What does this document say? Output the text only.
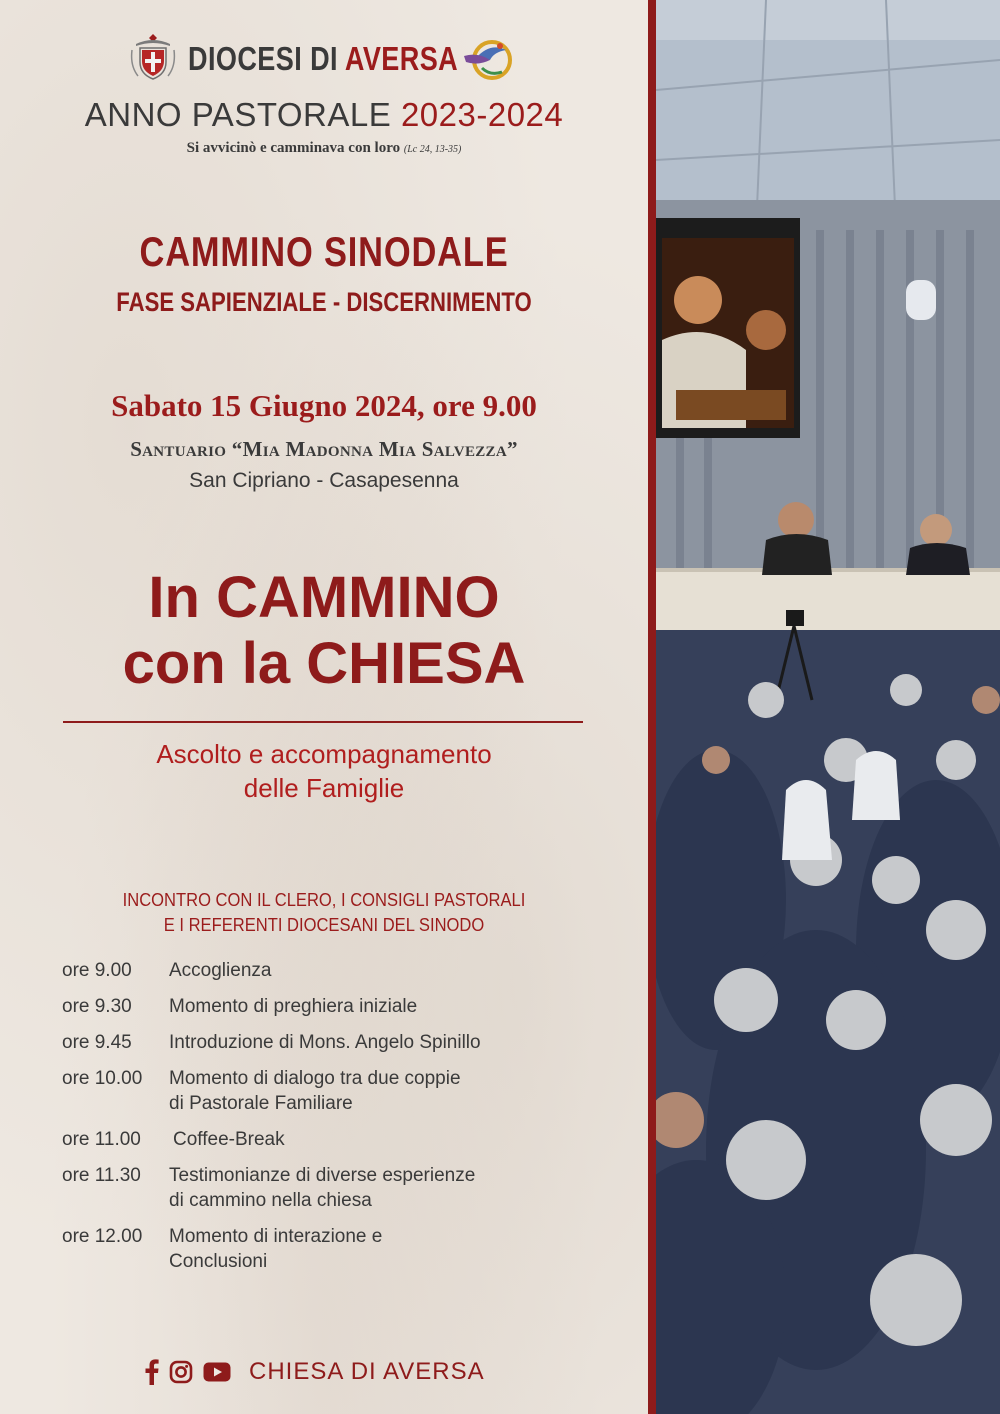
DIOCESI DI AVERSA
ANNO PASTORALE 2023-2024
Si avvicinò e camminava con loro (Lc 24, 13-35)
CAMMINO SINODALE
FASE SAPIENZIALE - DISCERNIMENTO
Sabato 15 Giugno 2024, ore 9.00
Santuario “Mia Madonna Mia Salvezza”
San Cipriano - Casapesenna
In CAMMINO
con la CHIESA
Ascolto e accompagnamento
delle Famiglie
INCONTRO CON IL CLERO, I CONSIGLI PASTORALI
E I REFERENTI DIOCESANI DEL SINODO
ore 9.00	Accoglienza
ore 9.30	Momento di preghiera iniziale
ore 9.45	Introduzione di Mons. Angelo Spinillo
ore 10.00	Momento di dialogo tra due coppie
di Pastorale Familiare
ore 11.00	Coffee-Break
ore 11.30	Testimonianze di diverse esperienze
di cammino nella chiesa
ore 12.00	Momento di interazione e
Conclusioni
CHIESA DI AVERSA
